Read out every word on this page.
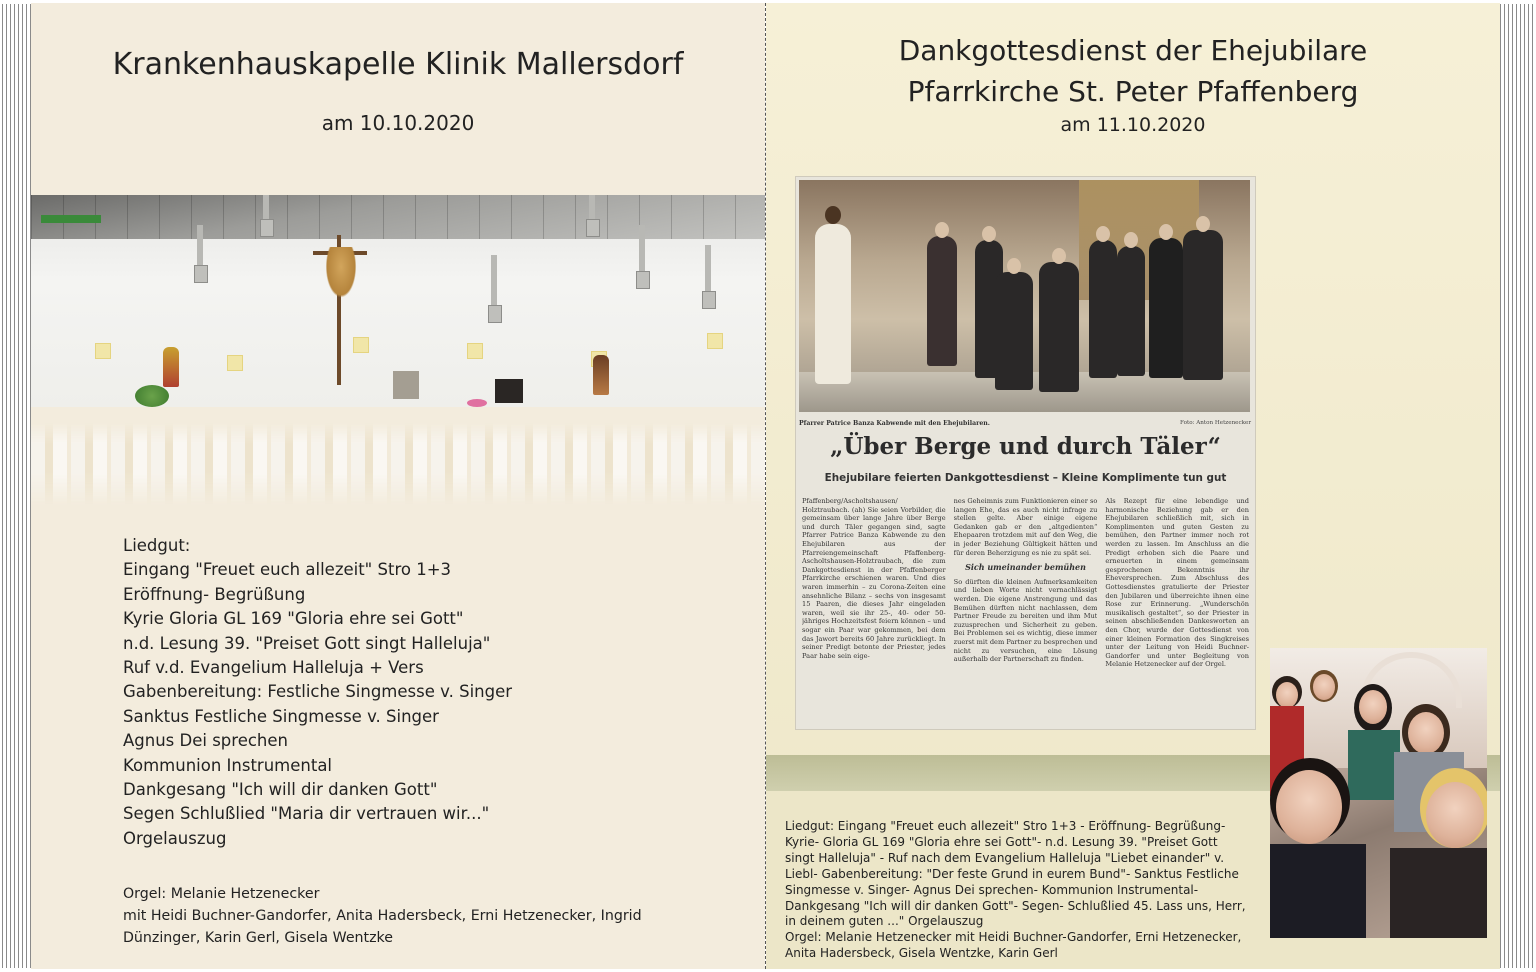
Krankenhauskapelle Klinik Mallersdorf
am 10.10.2020
Liedgut:
Eingang "Freuet euch allezeit" Stro 1+3
Eröffnung- Begrüßung
Kyrie Gloria GL 169 "Gloria ehre sei Gott"
n.d. Lesung 39. "Preiset Gott singt Halleluja"
Ruf v.d. Evangelium Halleluja + Vers
Gabenbereitung: Festliche Singmesse v. Singer
Sanktus Festliche Singmesse v. Singer
Agnus Dei sprechen
Kommunion Instrumental
Dankgesang "Ich will dir danken Gott"
Segen Schlußlied "Maria dir vertrauen wir..."
Orgelauszug
Orgel: Melanie Hetzenecker
mit Heidi Buchner-Gandorfer, Anita Hadersbeck, Erni Hetzenecker, Ingrid Dünzinger, Karin Gerl, Gisela Wentzke
Dankgottesdienst der Ehejubilare
Pfarrkirche St. Peter Pfaffenberg
am 11.10.2020
Pfarrer Patrice Banza Kabwende mit den Ehejubilaren.	Foto: Anton Hetzenecker
„Über Berge und durch Täler“
Ehejubilare feierten Dankgottesdienst – Kleine Komplimente tun gut
Pfaffenberg/Ascholtshausen/ Holztraubach. (ah) Sie seien Vorbilder, die gemeinsam über lange Jahre über Berge und durch Täler gegangen sind, sagte Pfarrer Patrice Banza Kabwende zu den Ehejubilaren aus der Pfarreiengemeinschaft Pfaffenberg-Ascholtshausen-Holztraubach, die zum Dankgottesdienst in der Pfaffenberger Pfarrkirche erschienen waren. Und dies waren immerhin – zu Corona-Zeiten eine ansehnliche Bilanz – sechs von insgesamt 15 Paaren, die dieses Jahr eingeladen waren, weil sie ihr 25-, 40- oder 50-jähriges Hochzeitsfest feiern können – und sogar ein Paar war gekommen, bei dem das Jawort bereits 60 Jahre zurückliegt. In seiner Predigt betonte der Priester, jedes Paar habe sein eige-
nes Geheimnis zum Funktionieren einer so langen Ehe, das es auch nicht infrage zu stellen gelte. Aber einige eigene Gedanken gab er den „altgedienten“ Ehepaaren trotzdem mit auf den Weg, die in jeder Beziehung Gültigkeit hätten und für deren Beherzigung es nie zu spät sei.
Sich umeinander bemühen
So dürften die kleinen Aufmerksamkeiten und lieben Worte nicht vernachlässigt werden. Die eigene Anstrengung und das Bemühen dürften nicht nachlassen, dem Partner Freude zu bereiten und ihm Mut zuzusprechen und Sicherheit zu geben. Bei Problemen sei es wichtig, diese immer zuerst mit dem Partner zu besprechen und nicht zu versuchen, eine Lösung außerhalb der Partnerschaft zu finden.
Als Rezept für eine lebendige und harmonische Beziehung gab er den Ehejubilaren schließlich mit, sich in Komplimenten und guten Gesten zu bemühen, den Partner immer noch rot werden zu lassen. Im Anschluss an die Predigt erhoben sich die Paare und erneuerten in einem gemeinsam gesprochenen Bekenntnis ihr Eheversprechen. Zum Abschluss des Gottesdienstes gratulierte der Priester den Jubilaren und überreichte ihnen eine Rose zur Erinnerung. „Wunderschön musikalisch gestaltet“, so der Priester in seinen abschließenden Dankesworten an den Chor, wurde der Gottesdienst von einer kleinen Formation des Singkreises unter der Leitung von Heidi Buchner-Gandorfer und unter Begleitung von Melanie Hetzenecker auf der Orgel.
Liedgut: Eingang "Freuet euch allezeit" Stro 1+3 - Eröffnung- Begrüßung- Kyrie- Gloria GL 169 "Gloria ehre sei Gott"- n.d. Lesung 39. "Preiset Gott singt Halleluja" - Ruf nach dem Evangelium Halleluja "Liebet einander" v. Liebl- Gabenbereitung: "Der feste Grund in eurem Bund"- Sanktus Festliche Singmesse v. Singer- Agnus Dei sprechen- Kommunion Instrumental- Dankgesang "Ich will dir danken Gott"- Segen- Schlußlied 45. Lass uns, Herr, in deinem guten ..." Orgelauszug
Orgel: Melanie Hetzenecker mit Heidi Buchner-Gandorfer, Erni Hetzenecker, Anita Hadersbeck, Gisela Wentzke, Karin Gerl
